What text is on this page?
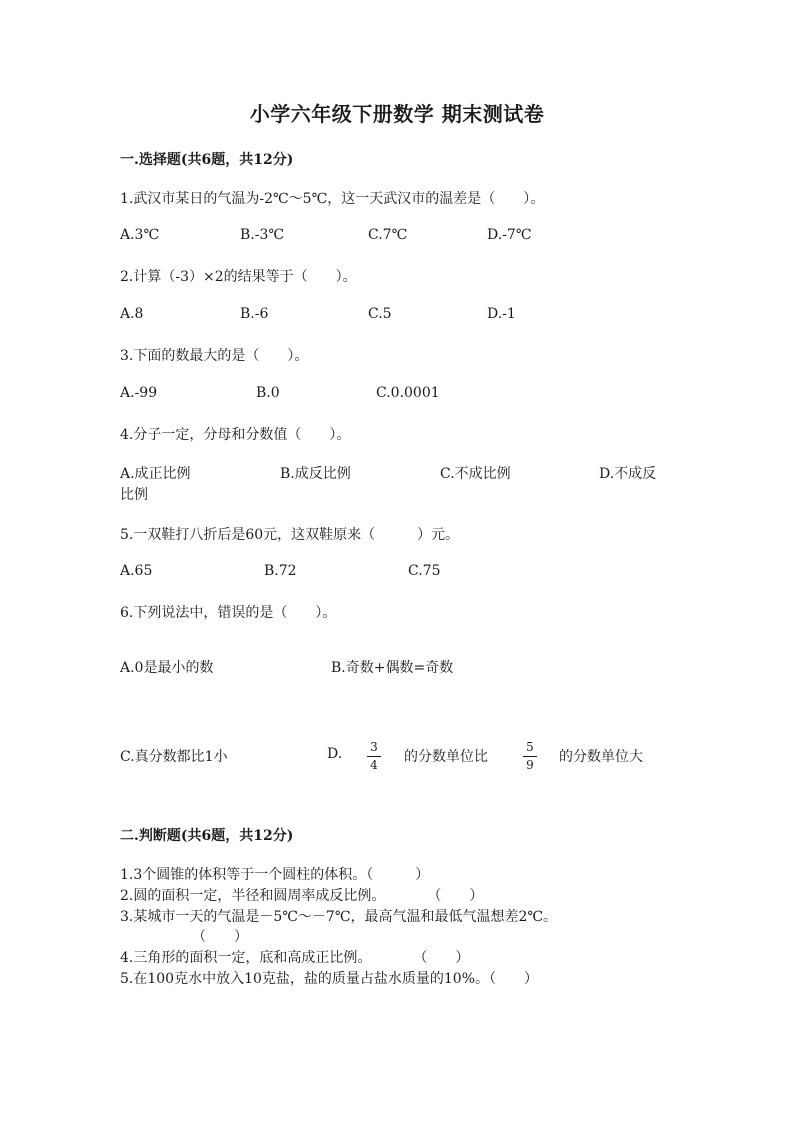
小学六年级下册数学 期末测试卷
一.选择题(共6题，共12分)
1.武汉市某日的气温为-2℃～5℃，这一天武汉市的温差是（　　）。
A.3℃	B.-3℃	C.7℃	D.-7℃
2.计算（-3）×2的结果等于（　　）。
A.8	B.-6	C.5	D.-1
3.下面的数最大的是（　　）。
A.-99	B.0	C.0.0001
4.分子一定，分母和分数值（　　）。
A.成正比例	B.成反比例	C.不成比例	D.不成反
比例
5.一双鞋打八折后是60元，这双鞋原来（　　　）元。
A.65	B.72	C.75
6.下列说法中，错误的是（　　）。
A.0是最小的数	B.奇数+偶数=奇数
C.真分数都比1小	D. $\frac{3}{4}$ 的分数单位比	$\frac{5}{9}$ 的分数单位大
二.判断题(共6题，共12分)
1.3个圆锥的体积等于一个圆柱的体积。（　　　）
2.圆的面积一定，半径和圆周率成反比例。　　　　（　　）
3.某城市一天的气温是－5℃～－7℃，最高气温和最低气温想差2℃。
（　　）
4.三角形的面积一定，底和高成正比例。　　　　（　　）
5.在100克水中放入10克盐，盐的质量占盐水质量的10%。（　　）
